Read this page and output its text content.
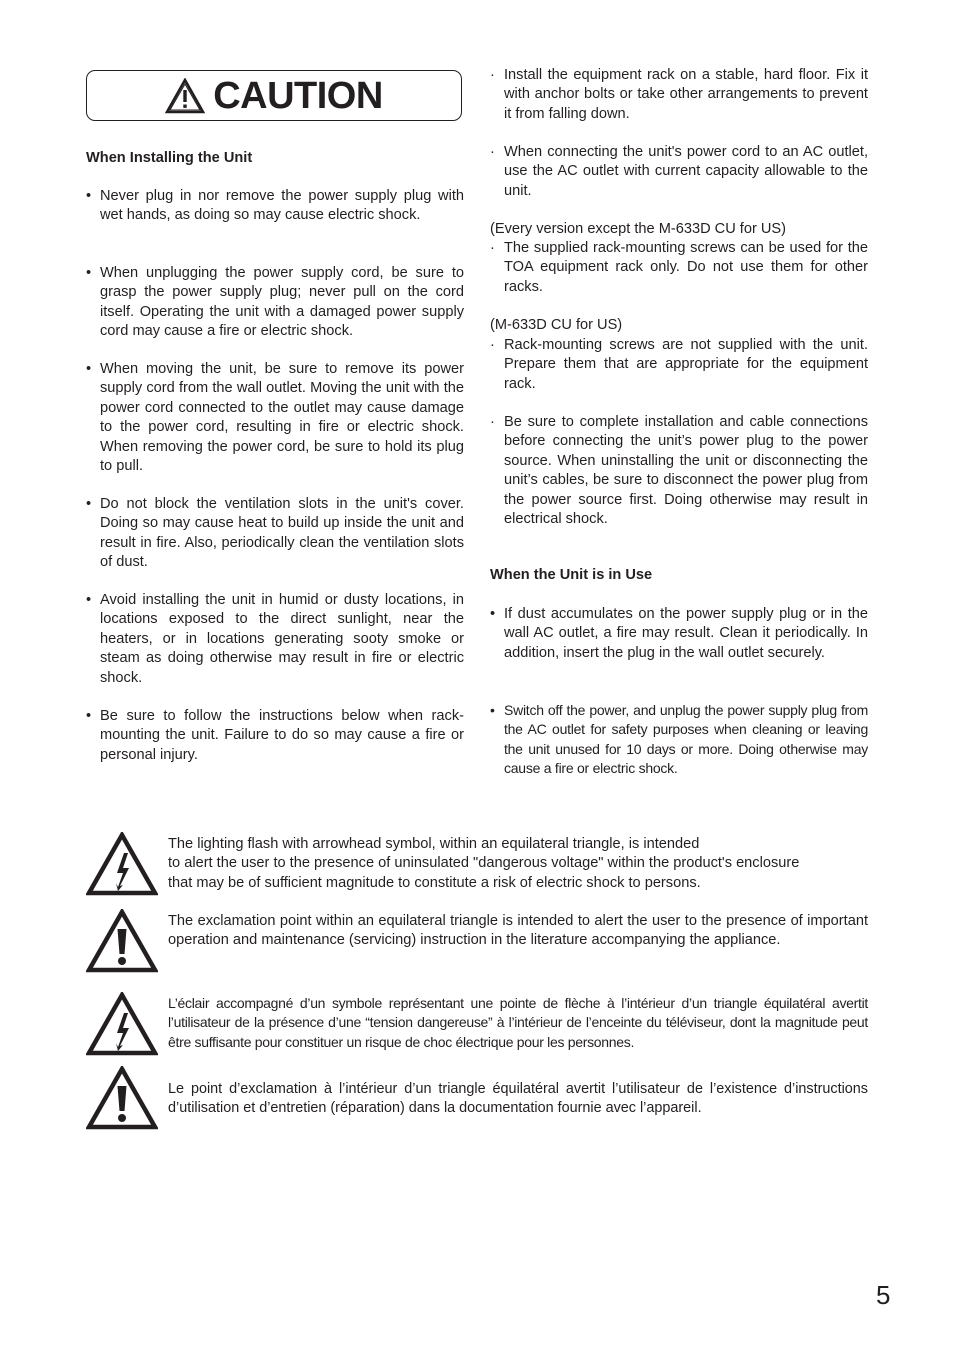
CAUTION
When Installing the Unit
• Never plug in nor remove the power supply plug with wet hands, as doing so may cause electric shock.
• When unplugging the power supply cord, be sure to grasp the power supply plug; never pull on the cord itself. Operating the unit with a damaged power supply cord may cause a fire or electric shock.
• When moving the unit, be sure to remove its power supply cord from the wall outlet. Moving the unit with the power cord connected to the outlet may cause damage to the power cord, resulting in fire or electric shock. When removing the power cord, be sure to hold its plug to pull.
• Do not block the ventilation slots in the unit's cover. Doing so may cause heat to build up inside the unit and result in fire. Also, periodically clean the ventilation slots of dust.
• Avoid installing the unit in humid or dusty locations, in locations exposed to the direct sunlight, near the heaters, or in locations generating sooty smoke or steam as doing otherwise may result in fire or electric shock.
• Be sure to follow the instructions below when rack-mounting the unit. Failure to do so may cause a fire or personal injury.
· Install the equipment rack on a stable, hard floor. Fix it with anchor bolts or take other arrangements to prevent it from falling down.
· When connecting the unit's power cord to an AC outlet, use the AC outlet with current capacity allowable to the unit.
(Every version except the M-633D CU for US)
· The supplied rack-mounting screws can be used for the TOA equipment rack only. Do not use them for other racks.
(M-633D CU for US)
· Rack-mounting screws are not supplied with the unit. Prepare them that are appropriate for the equipment rack.
· Be sure to complete installation and cable connections before connecting the unit’s power plug to the power source. When uninstalling the unit or disconnecting the unit’s cables, be sure to disconnect the power plug from the power source first. Doing otherwise may result in electrical shock.
When the Unit is in Use
• If dust accumulates on the power supply plug or in the wall AC outlet, a fire may result. Clean it periodically. In addition, insert the plug in the wall outlet securely.
• Switch off the power, and unplug the power supply plug from the AC outlet for safety purposes when cleaning or leaving the unit unused for 10 days or more. Doing otherwise may cause a fire or electric shock.
The lighting flash with arrowhead symbol, within an equilateral triangle, is intended
to alert the user to the presence of uninsulated "dangerous voltage" within the product's enclosure
that may be of sufficient magnitude to constitute a risk of electric shock to persons.
The exclamation point within an equilateral triangle is intended to alert the user to the presence of important operation and maintenance (servicing) instruction in the literature accompanying the appliance.
L’éclair accompagné d’un symbole représentant une pointe de flèche à l’intérieur d’un triangle équilatéral avertit l’utilisateur de la présence d’une “tension dangereuse” à l’intérieur de l’enceinte du téléviseur, dont la magnitude peut être suffisante pour constituer un risque de choc électrique pour les personnes.
Le point d’exclamation à l’intérieur d’un triangle équilatéral avertit l’utilisateur de l’existence d’instructions d’utilisation et d’entretien (réparation) dans la documentation fournie avec l’appareil.
5
